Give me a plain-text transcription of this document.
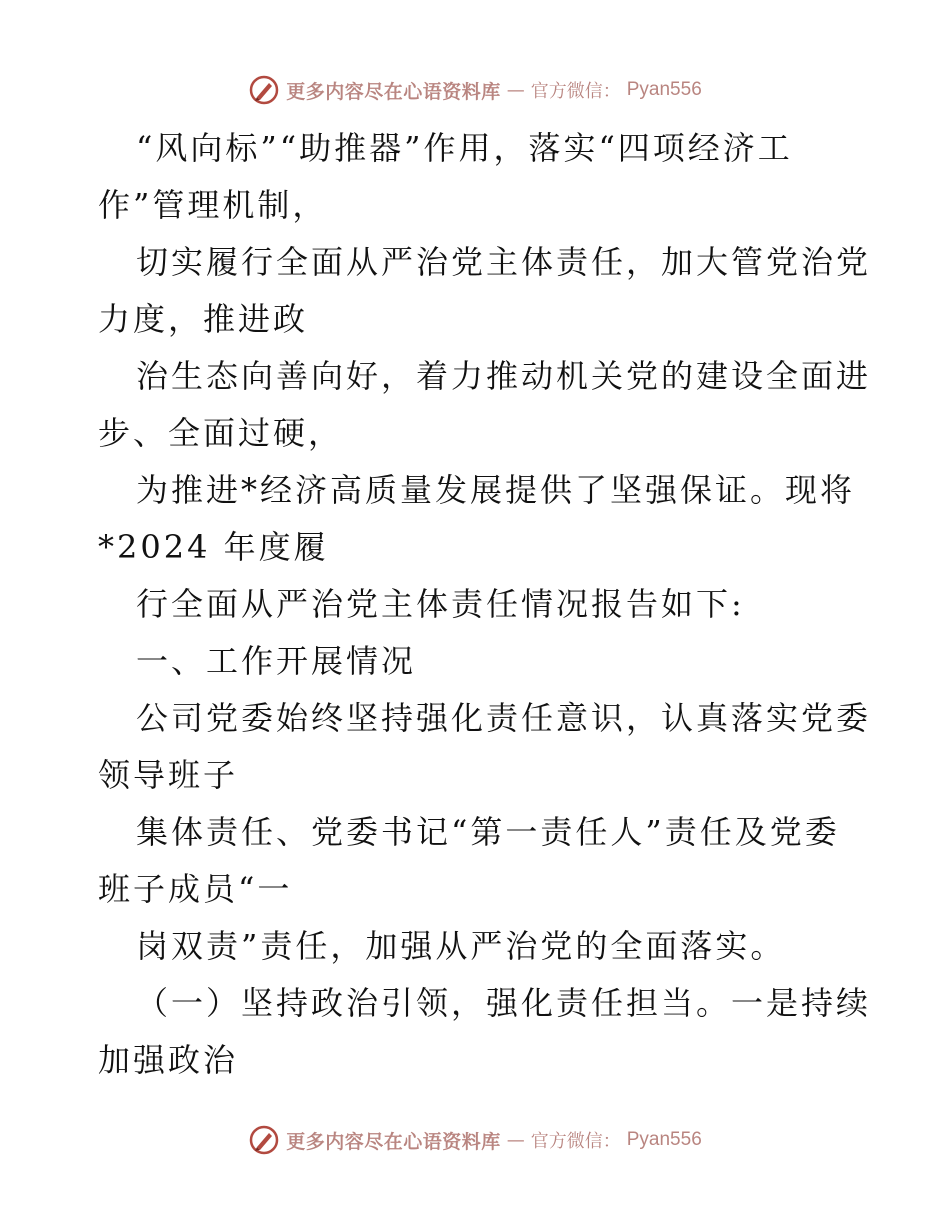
更多内容尽在心语资料库 — 官方微信： Pyan556
“风向标”“助推器”作用，落实“四项经济工
作”管理机制，
切实履行全面从严治党主体责任，加大管党治党
力度，推进政
治生态向善向好，着力推动机关党的建设全面进
步、全面过硬，
为推进*经济高质量发展提供了坚强保证。现将
*2024 年度履
行全面从严治党主体责任情况报告如下:
一、工作开展情况
公司党委始终坚持强化责任意识，认真落实党委
领导班子
集体责任、党委书记“第一责任人”责任及党委
班子成员“一
岗双责”责任，加强从严治党的全面落实。
（一）坚持政治引领，强化责任担当。一是持续
加强政治
更多内容尽在心语资料库 — 官方微信： Pyan556
